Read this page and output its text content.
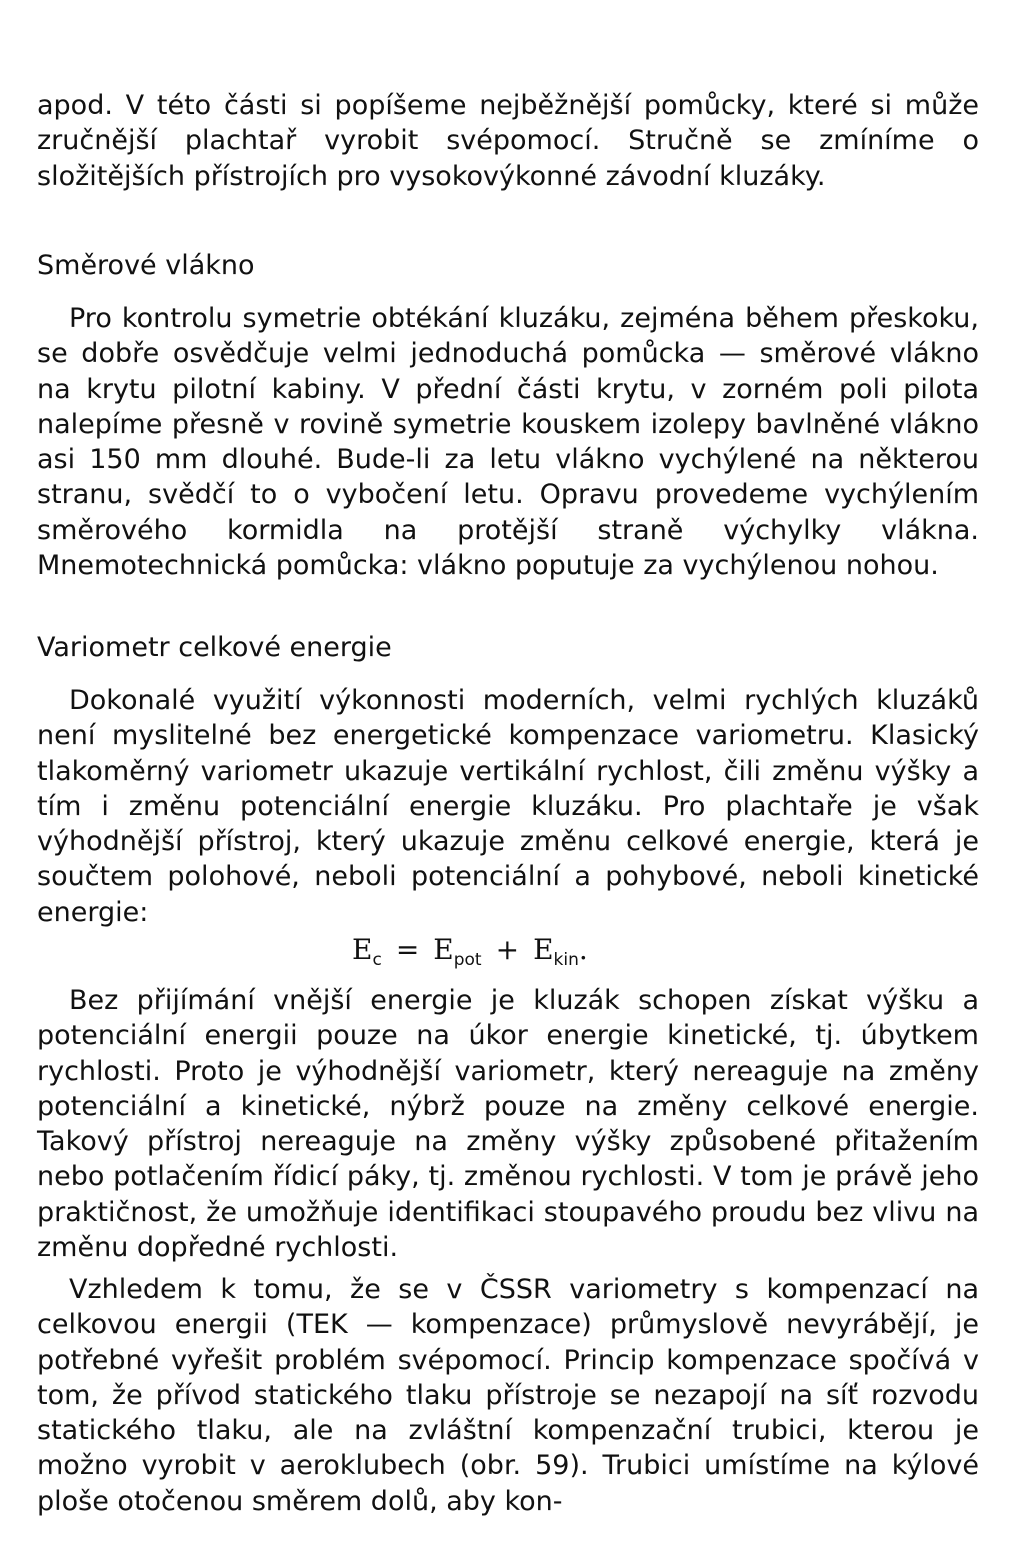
apod. V této části si popíšeme nejběžnější pomůcky, které si může zručnější plachtař vyrobit svépomocí. Stručně se zmíníme o složitějších přístrojích pro vysokovýkonné závodní kluzáky.

Směrové vlákno

Pro kontrolu symetrie obtékání kluzáku, zejména během přeskoku, se dobře osvědčuje velmi jednoduchá pomůcka — směrové vlákno na krytu pilotní kabiny. V přední části krytu, v zorném poli pilota nalepíme přesně v rovině symetrie kouskem izolepy bavlněné vlákno asi 150 mm dlouhé. Bude-li za letu vlákno vychýlené na některou stranu, svědčí to o vybočení letu. Opravu provedeme vychýlením směrového kormidla na protější straně výchylky vlákna. Mnemotechnická pomůcka: vlákno poputuje za vychýlenou nohou.

Variometr celkové energie

Dokonalé využití výkonnosti moderních, velmi rychlých kluzáků není myslitelné bez energetické kompenzace variometru. Klasický tlakoměrný variometr ukazuje vertikální rychlost, čili změnu výšky a tím i změnu potenciální energie kluzáku. Pro plachtaře je však výhodnější přístroj, který ukazuje změnu celkové energie, která je součtem polohové, neboli potenciální a pohybové, neboli kinetické energie:

$E_c = E_{pot} + E_{kin}$.

Bez přijímání vnější energie je kluzák schopen získat výšku a potenciální energii pouze na úkor energie kinetické, tj. úbytkem rychlosti. Proto je výhodnější variometr, který nereaguje na změny potenciální a kinetické, nýbrž pouze na změny celkové energie. Takový přístroj nereaguje na změny výšky způsobené přitažením nebo potlačením řídicí páky, tj. změnou rychlosti. V tom je právě jeho praktičnost, že umožňuje identifikaci stoupavého proudu bez vlivu na změnu dopředné rychlosti.

Vzhledem k tomu, že se v ČSSR variometry s kompenzací na celkovou energii (TEK — kompenzace) průmyslově nevyrábějí, je potřebné vyřešit problém svépomocí. Princip kompenzace spočívá v tom, že přívod statického tlaku přístroje se nezapojí na síť rozvodu statického tlaku, ale na zvláštní kompenzační trubici, kterou je možno vyrobit v aeroklubech (obr. 59). Trubici umístíme na kýlové ploše otočenou směrem dolů, aby kon-
